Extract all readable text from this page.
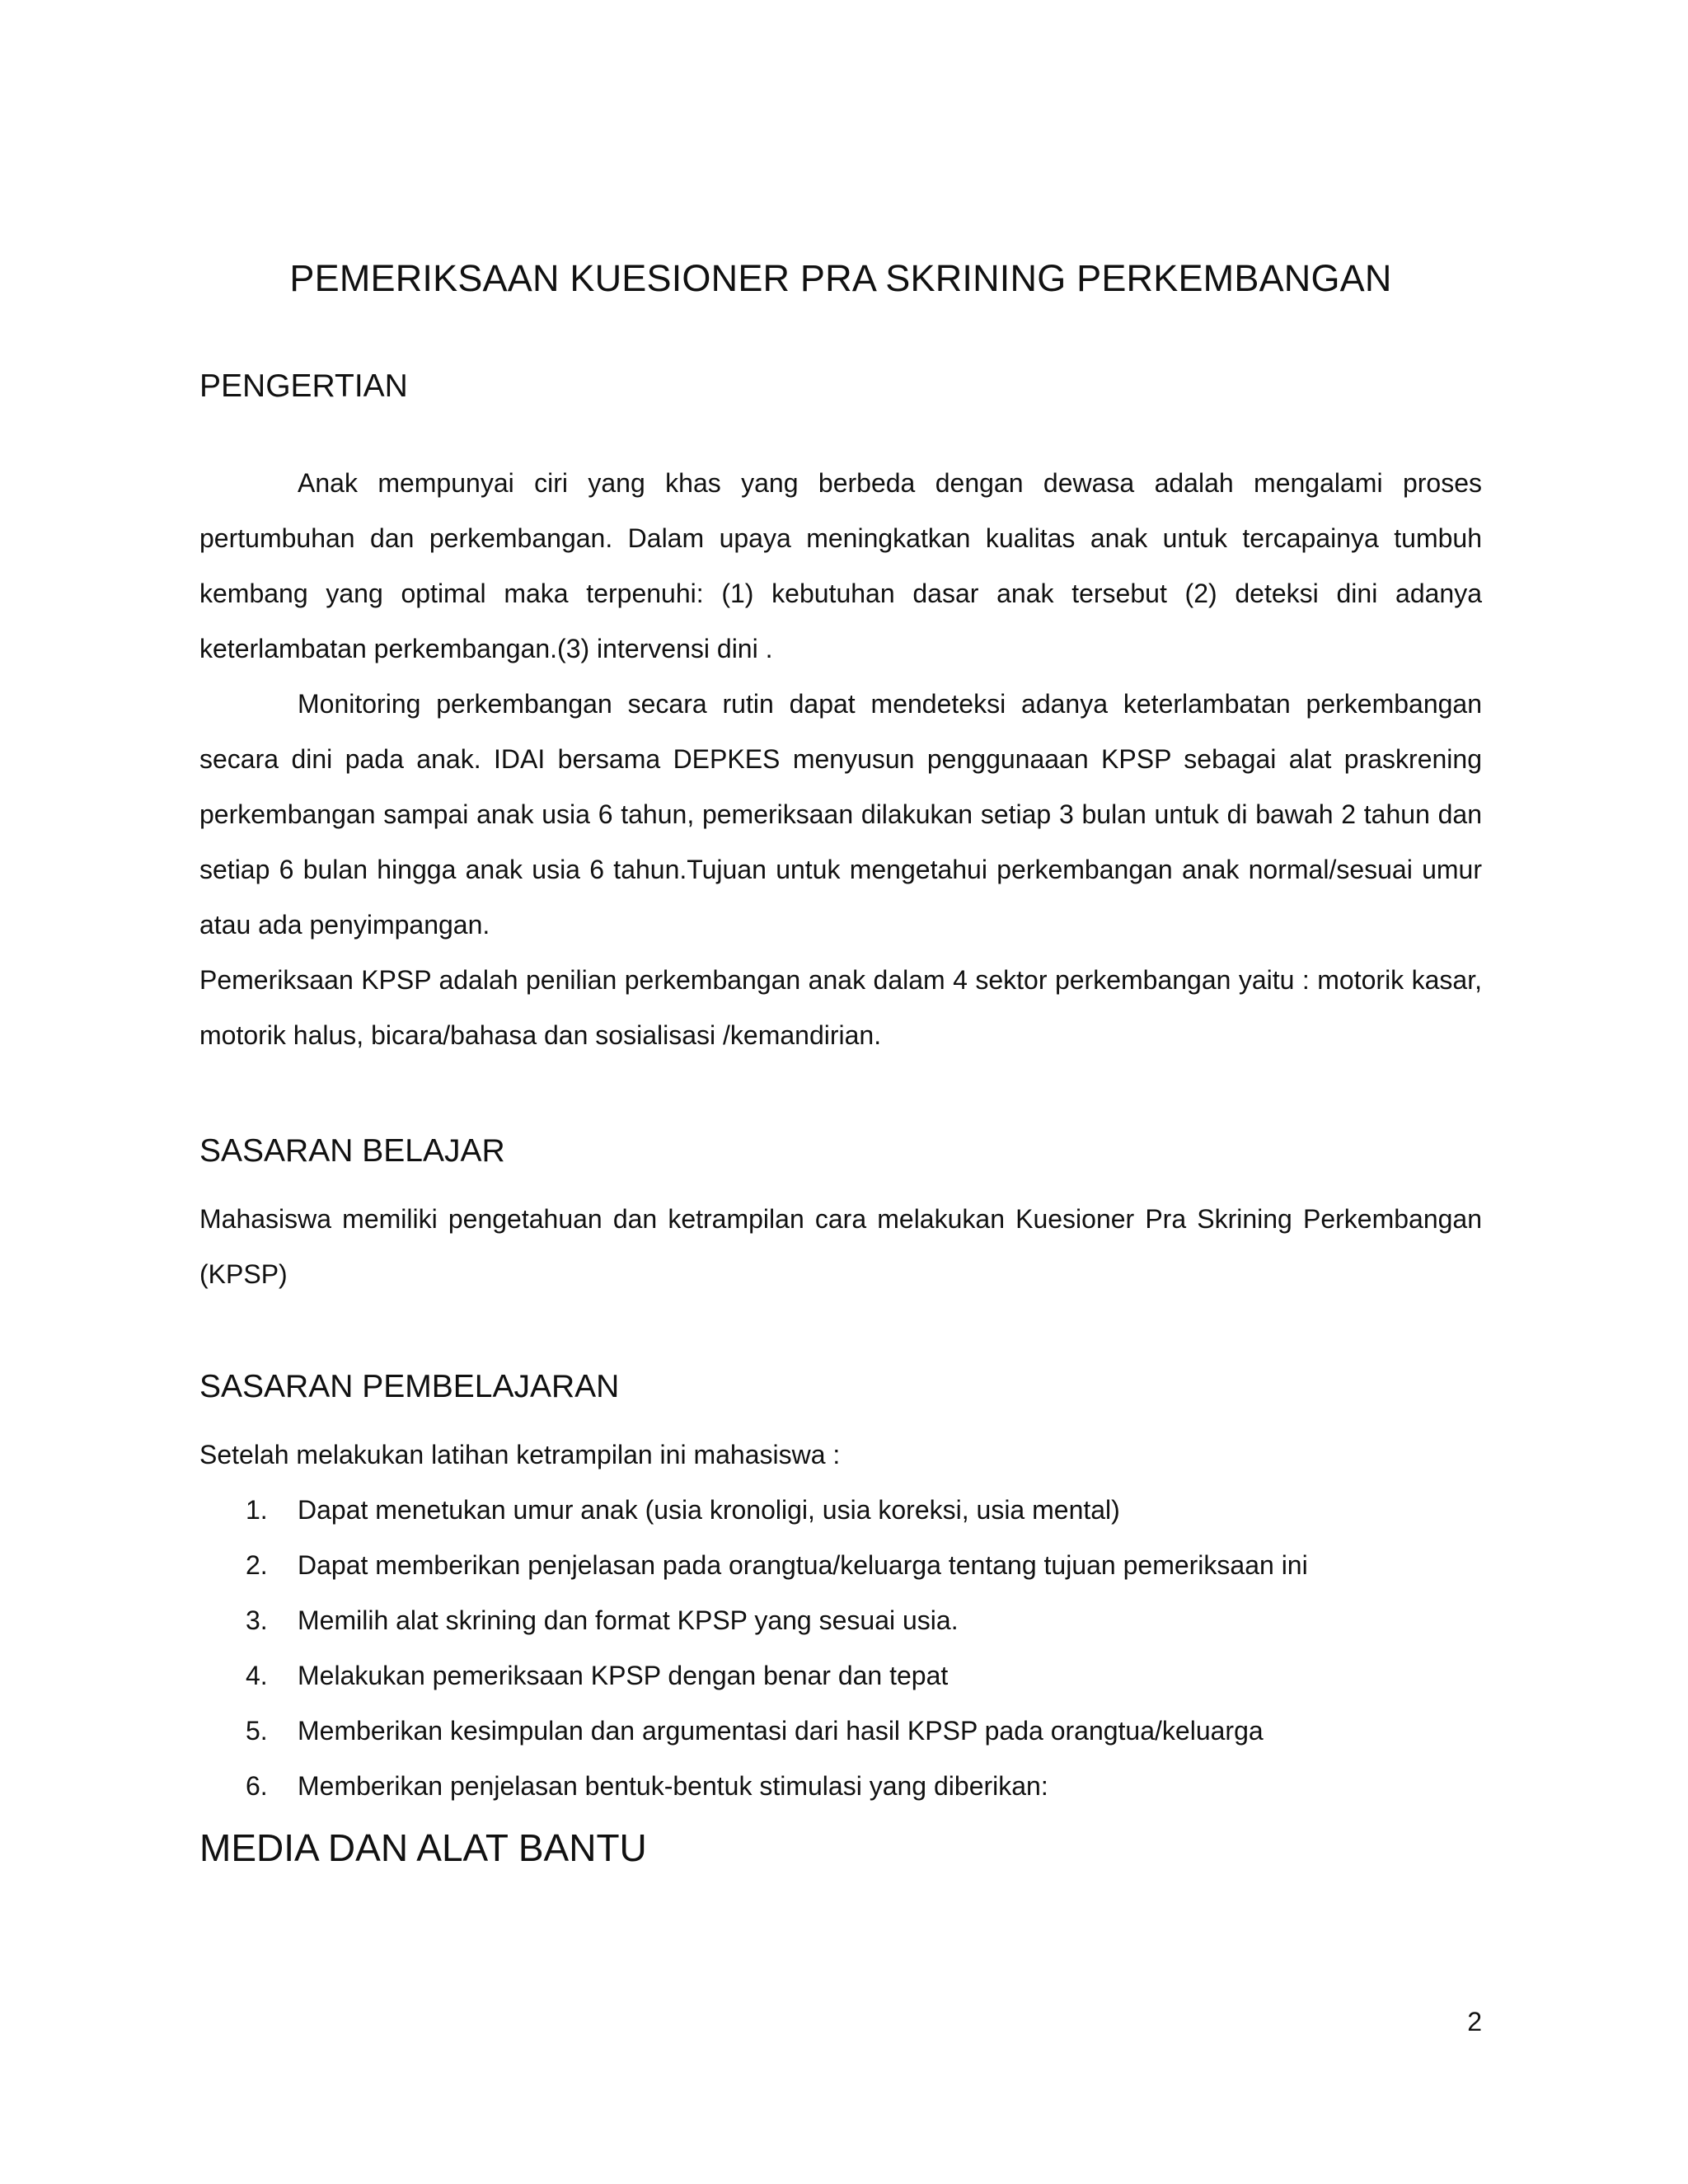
PEMERIKSAAN KUESIONER PRA SKRINING PERKEMBANGAN
PENGERTIAN

Anak mempunyai ciri yang khas yang berbeda dengan dewasa adalah mengalami proses pertumbuhan dan perkembangan. Dalam upaya meningkatkan kualitas anak untuk tercapainya tumbuh kembang yang optimal maka terpenuhi: (1) kebutuhan dasar anak tersebut (2) deteksi dini adanya keterlambatan perkembangan.(3) intervensi dini .

Monitoring perkembangan secara rutin dapat mendeteksi adanya keterlambatan perkembangan secara dini pada anak. IDAI bersama DEPKES menyusun penggunaaan KPSP sebagai alat praskrening perkembangan sampai anak usia 6 tahun, pemeriksaan dilakukan setiap 3 bulan untuk di bawah 2 tahun dan setiap 6 bulan hingga anak usia 6 tahun.Tujuan untuk mengetahui perkembangan anak normal/sesuai umur atau ada penyimpangan.

Pemeriksaan KPSP adalah penilian perkembangan anak dalam 4 sektor perkembangan yaitu : motorik kasar, motorik halus, bicara/bahasa dan sosialisasi /kemandirian.

SASARAN BELAJAR

Mahasiswa memiliki pengetahuan dan ketrampilan cara melakukan Kuesioner Pra Skrining Perkembangan (KPSP)

SASARAN PEMBELAJARAN

Setelah melakukan latihan ketrampilan ini mahasiswa :

1.	Dapat menetukan umur anak (usia kronoligi, usia koreksi, usia mental)
2.	Dapat memberikan penjelasan pada orangtua/keluarga tentang tujuan pemeriksaan ini
3.	Memilih alat skrining dan format KPSP yang sesuai usia.
4.	Melakukan pemeriksaan KPSP dengan benar dan tepat
5.	Memberikan kesimpulan dan argumentasi dari hasil KPSP pada orangtua/keluarga
6.	Memberikan penjelasan bentuk-bentuk stimulasi yang diberikan:
MEDIA DAN ALAT BANTU
2
